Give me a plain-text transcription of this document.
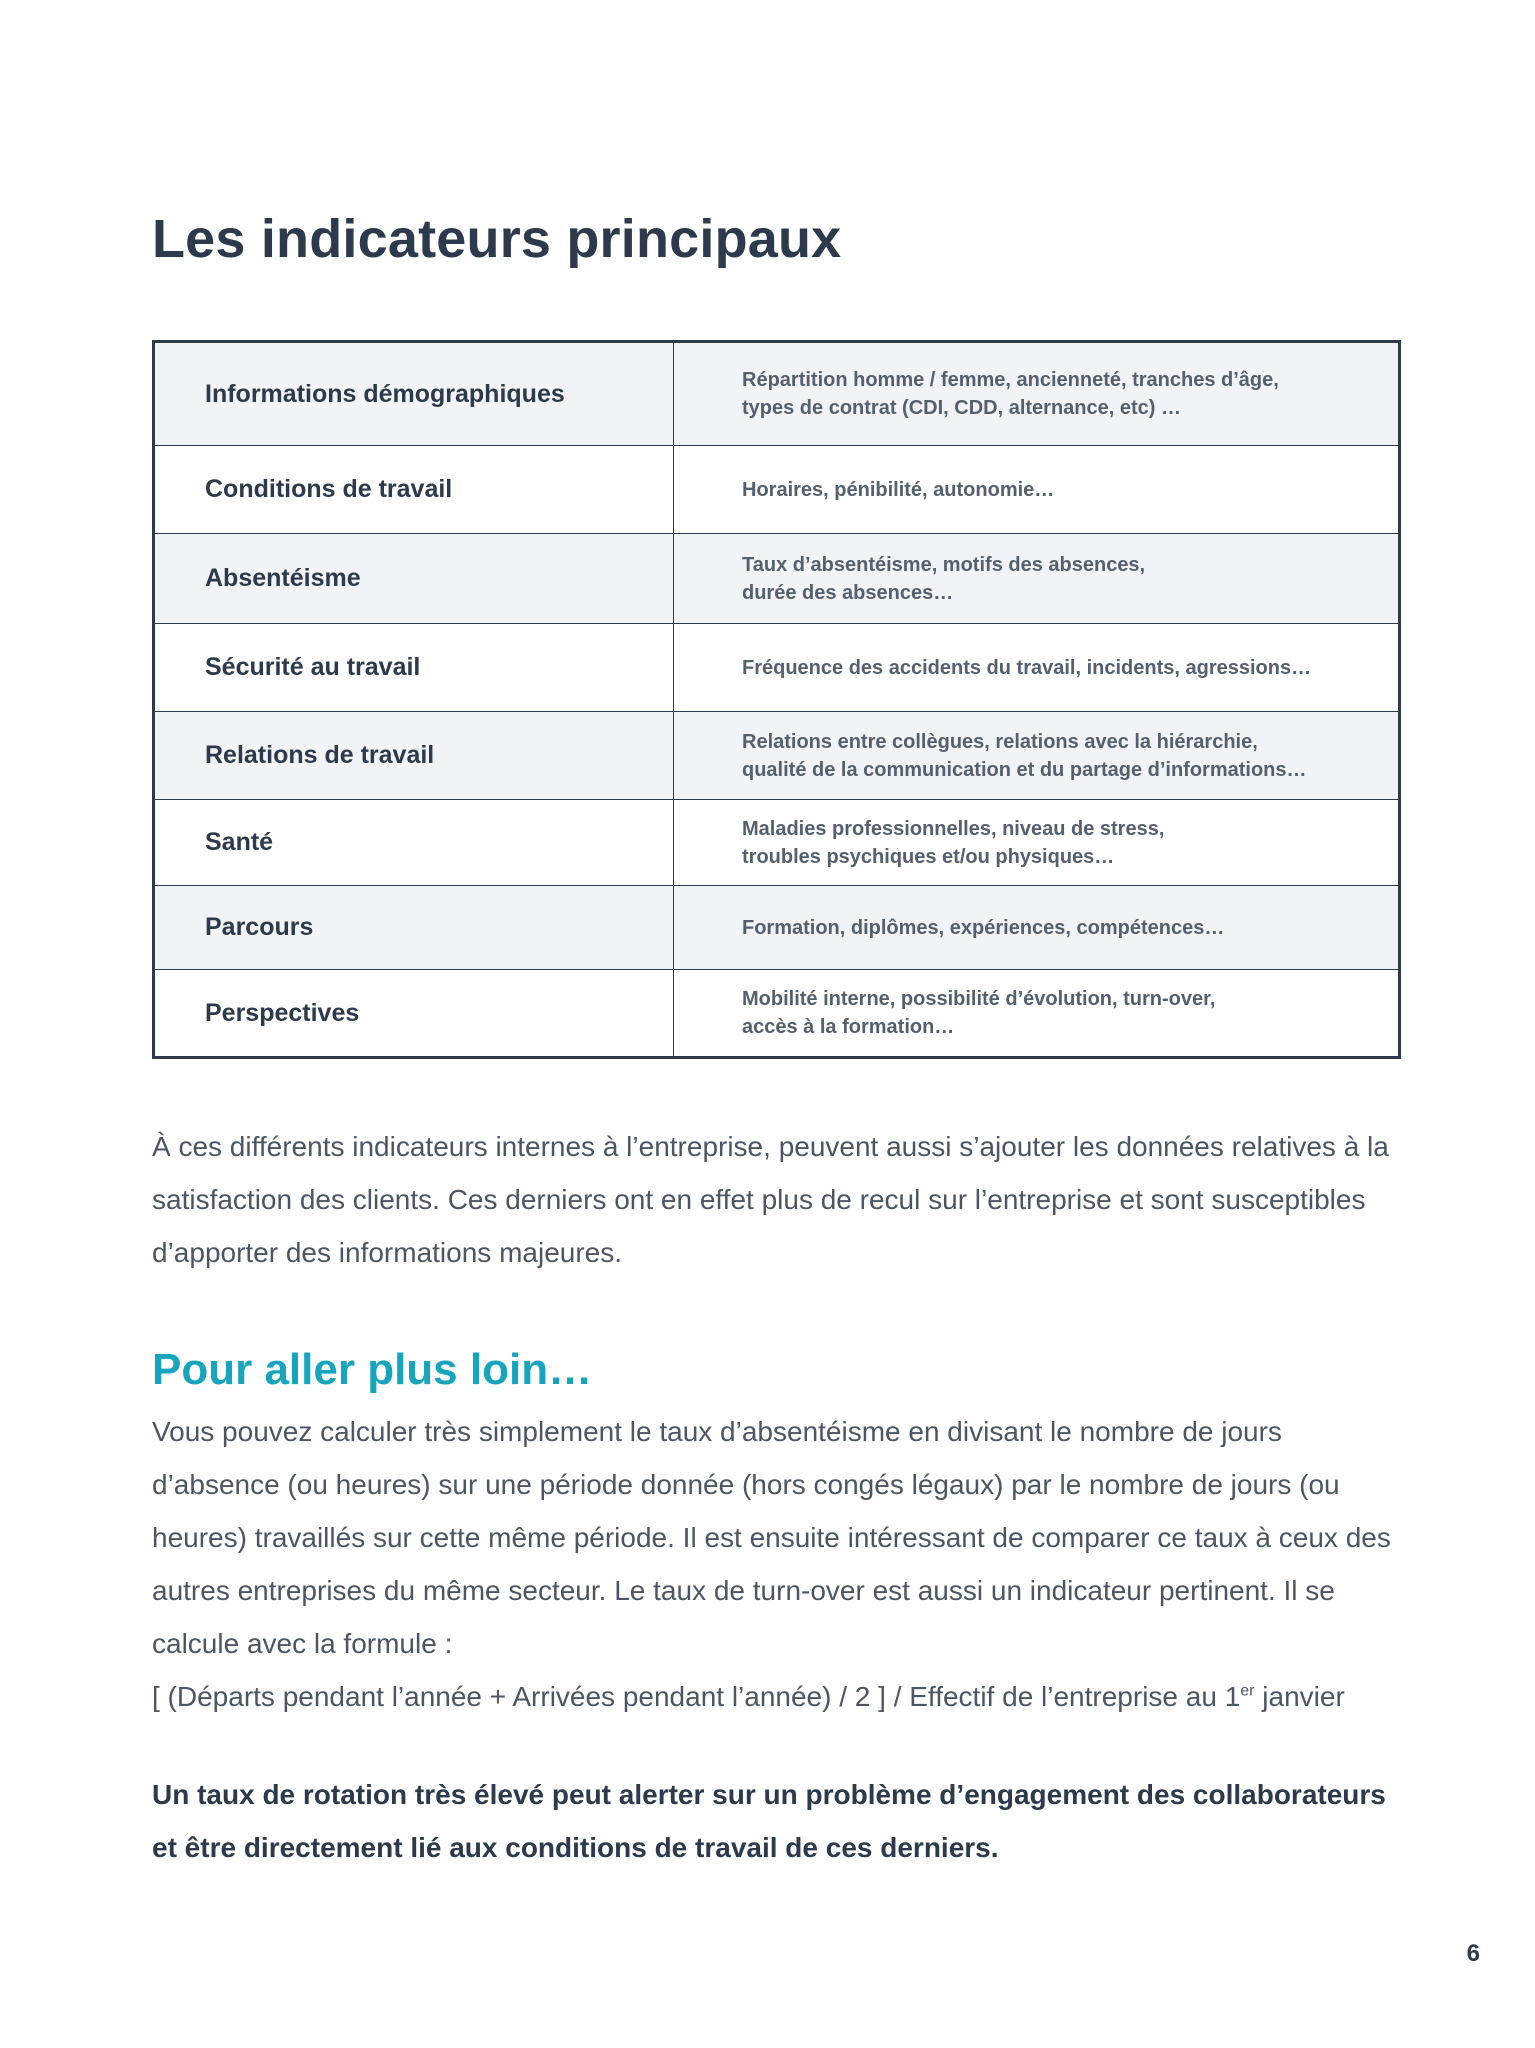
Les indicateurs principaux
Informations démographiques	Répartition homme / femme, ancienneté, tranches d’âge,
types de contrat (CDI, CDD, alternance, etc) …

Conditions de travail	Horaires, pénibilité, autonomie…

Absentéisme	Taux d’absentéisme, motifs des absences,
durée des absences…

Sécurité au travail	Fréquence des accidents du travail, incidents, agressions…

Relations de travail	Relations entre collègues, relations avec la hiérarchie,
qualité de la communication et du partage d’informations…

Santé	Maladies professionnelles, niveau de stress,
troubles psychiques et/ou physiques…

Parcours	Formation, diplômes, expériences, compétences…

Perspectives	Mobilité interne, possibilité d’évolution, turn-over,
accès à la formation…

À ces différents indicateurs internes à l’entreprise, peuvent aussi s’ajouter les données relatives à la satisfaction des clients. Ces derniers ont en effet plus de recul sur l’entreprise et sont susceptibles d’apporter des informations majeures.

Pour aller plus loin…

Vous pouvez calculer très simplement le taux d’absentéisme en divisant le nombre de jours d’absence (ou heures) sur une période donnée (hors congés légaux) par le nombre de jours (ou heures) travaillés sur cette même période. Il est ensuite intéressant de comparer ce taux à ceux des autres entreprises du même secteur. Le taux de turn-over est aussi un indicateur pertinent. Il se calcule avec la formule :
[ (Départs pendant l’année + Arrivées pendant l’année) / 2 ] / Effectif de l’entreprise au 1er janvier

Un taux de rotation très élevé peut alerter sur un problème d’engagement des collaborateurs et être directement lié aux conditions de travail de ces derniers.

6
